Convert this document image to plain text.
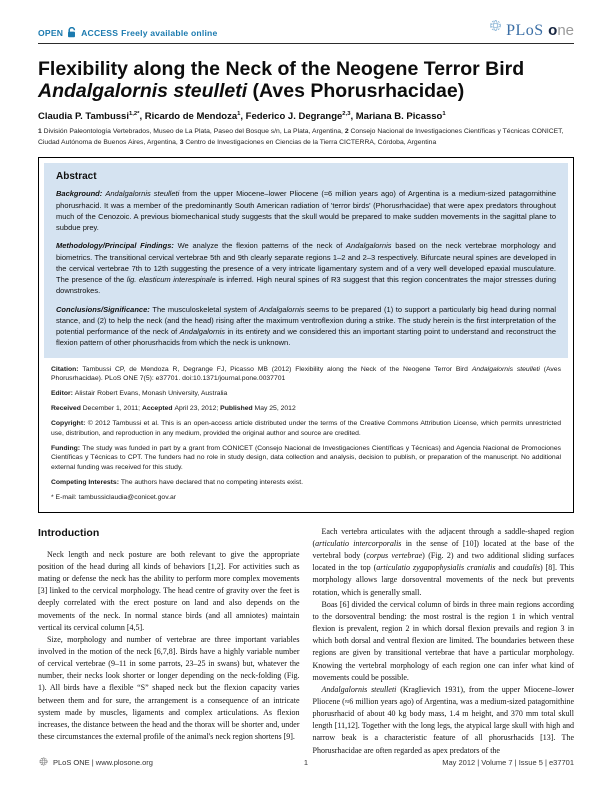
OPEN ACCESS Freely available online	PLoS one
Flexibility along the Neck of the Neogene Terror Bird
Andalgalornis steulleti (Aves Phorusrhacidae)
Claudia P. Tambussi$^{1,2*}$, Ricardo de Mendoza$^1$, Federico J. Degrange$^{2,3}$, Mariana B. Picasso$^1$
1 División Paleontología Vertebrados, Museo de La Plata, Paseo del Bosque s/n, La Plata, Argentina, 2 Consejo Nacional de Investigaciones Científicas y Técnicas CONICET, Ciudad Autónoma de Buenos Aires, Argentina, 3 Centro de Investigaciones en Ciencias de la Tierra CICTERRA, Córdoba, Argentina
Abstract

Background: Andalgalornis steulleti from the upper Miocene–lower Pliocene (≈6 million years ago) of Argentina is a medium-sized patagornithine phorusrhacid. It was a member of the predominantly South American radiation of 'terror birds' (Phorusrhacidae) that were apex predators throughout much of the Cenozoic. A previous biomechanical study suggests that the skull would be prepared to make sudden movements in the sagittal plane to subdue prey.

Methodology/Principal Findings: We analyze the flexion patterns of the neck of Andalgalornis based on the neck vertebrae morphology and biometrics. The transitional cervical vertebrae 5th and 9th clearly separate regions 1–2 and 2–3 respectively. Bifurcate neural spines are developed in the cervical vertebrae 7th to 12th suggesting the presence of a very intricate ligamentary system and of a very well developed epaxial musculature. The presence of the lig. elasticum interespinale is inferred. High neural spines of R3 suggest that this region concentrates the major stresses during downstrokes.

Conclusions/Significance: The musculoskeletal system of Andalgalornis seems to be prepared (1) to support a particularly big head during normal stance, and (2) to help the neck (and the head) rising after the maximum ventroflexion during a strike. The study herein is the first interpretation of the potential performance of the neck of Andalgalornis in its entirety and we considered this an important starting point to understand and reconstruct the flexion pattern of other phorusrhacids from which the neck is unknown.

Citation: Tambussi CP, de Mendoza R, Degrange FJ, Picasso MB (2012) Flexibility along the Neck of the Neogene Terror Bird Andalgalornis steulleti (Aves Phorusrhacidae). PLoS ONE 7(5): e37701. doi:10.1371/journal.pone.0037701

Editor: Alistair Robert Evans, Monash University, Australia

Received December 1, 2011; Accepted April 23, 2012; Published May 25, 2012

Copyright: © 2012 Tambussi et al. This is an open-access article distributed under the terms of the Creative Commons Attribution License, which permits unrestricted use, distribution, and reproduction in any medium, provided the original author and source are credited.

Funding: The study was funded in part by a grant from CONICET (Consejo Nacional de Investigaciones Científicas y Técnicas) and Agencia Nacional de Promociones Científicas y Técnicas to CPT. The funders had no role in study design, data collection and analysis, decision to publish, or preparation of the manuscript. No additional external funding was received for this study.

Competing Interests: The authors have declared that no competing interests exist.

* E-mail: tambussiclaudia@conicet.gov.ar

Introduction

Neck length and neck posture are both relevant to give the appropriate position of the head during all kinds of behaviors [1,2]. For activities such as mating or defense the neck has the ability to perform more complex movements [3] linked to the cervical morphology. The head centre of gravity over the feet is deeply correlated with the erect posture on land and also depends on the movements of the neck. In normal stance birds (and all amniotes) maintain vertical its cervical column [4,5].

Size, morphology and number of vertebrae are three important variables involved in the motion of the neck [6,7,8]. Birds have a highly variable number of cervical vertebrae (9–11 in some parrots, 23–25 in swans) but, whatever the number, their necks look shorter or longer depending on the neck-folding (Fig. 1). All birds have a flexible “S” shaped neck but the flexion capacity varies between them and for sure, the arrangement is a consequence of an intricate system made by muscles, ligaments and complex articulations. As flexion increases, the distance between the head and the thorax will be shorter and, under these circumstances the external profile of the animal's neck region shortens [9].

Each vertebra articulates with the adjacent through a saddle-shaped region (articulatio intercorporalis in the sense of [10]) located at the base of the vertebral body (corpus vertebrae) (Fig. 2) and two additional sliding surfaces located in the top (articulatio zygapophysialis cranialis and caudalis) [8]. This morphology allows large dorsoventral movements of the neck but prevents rotation, which is generally small.

Boas [6] divided the cervical column of birds in three main regions according to the dorsoventral bending: the most rostral is the region 1 in which ventral flexion is prevalent, region 2 in which dorsal flexion prevails and region 3 in which both dorsal and ventral flexion are limited. The boundaries between these regions are given by transitional vertebrae that have a particular morphology. Knowing the vertebral morphology of each region one can infer what kind of movements could be possible.

Andalgalornis steulleti (Kraglievich 1931), from the upper Miocene–lower Pliocene (≈6 million years ago) of Argentina, was a medium-sized patagornithine phorusrhacid of about 40 kg body mass, 1.4 m height, and 370 mm total skull length [11,12]. Together with the long legs, the atypical large skull with high and narrow beak is a characteristic feature of all phorusrhacids [13]. The Phorusrhacidae are often regarded as apex predators of the

PLoS ONE | www.plosone.org	1	May 2012 | Volume 7 | Issue 5 | e37701
